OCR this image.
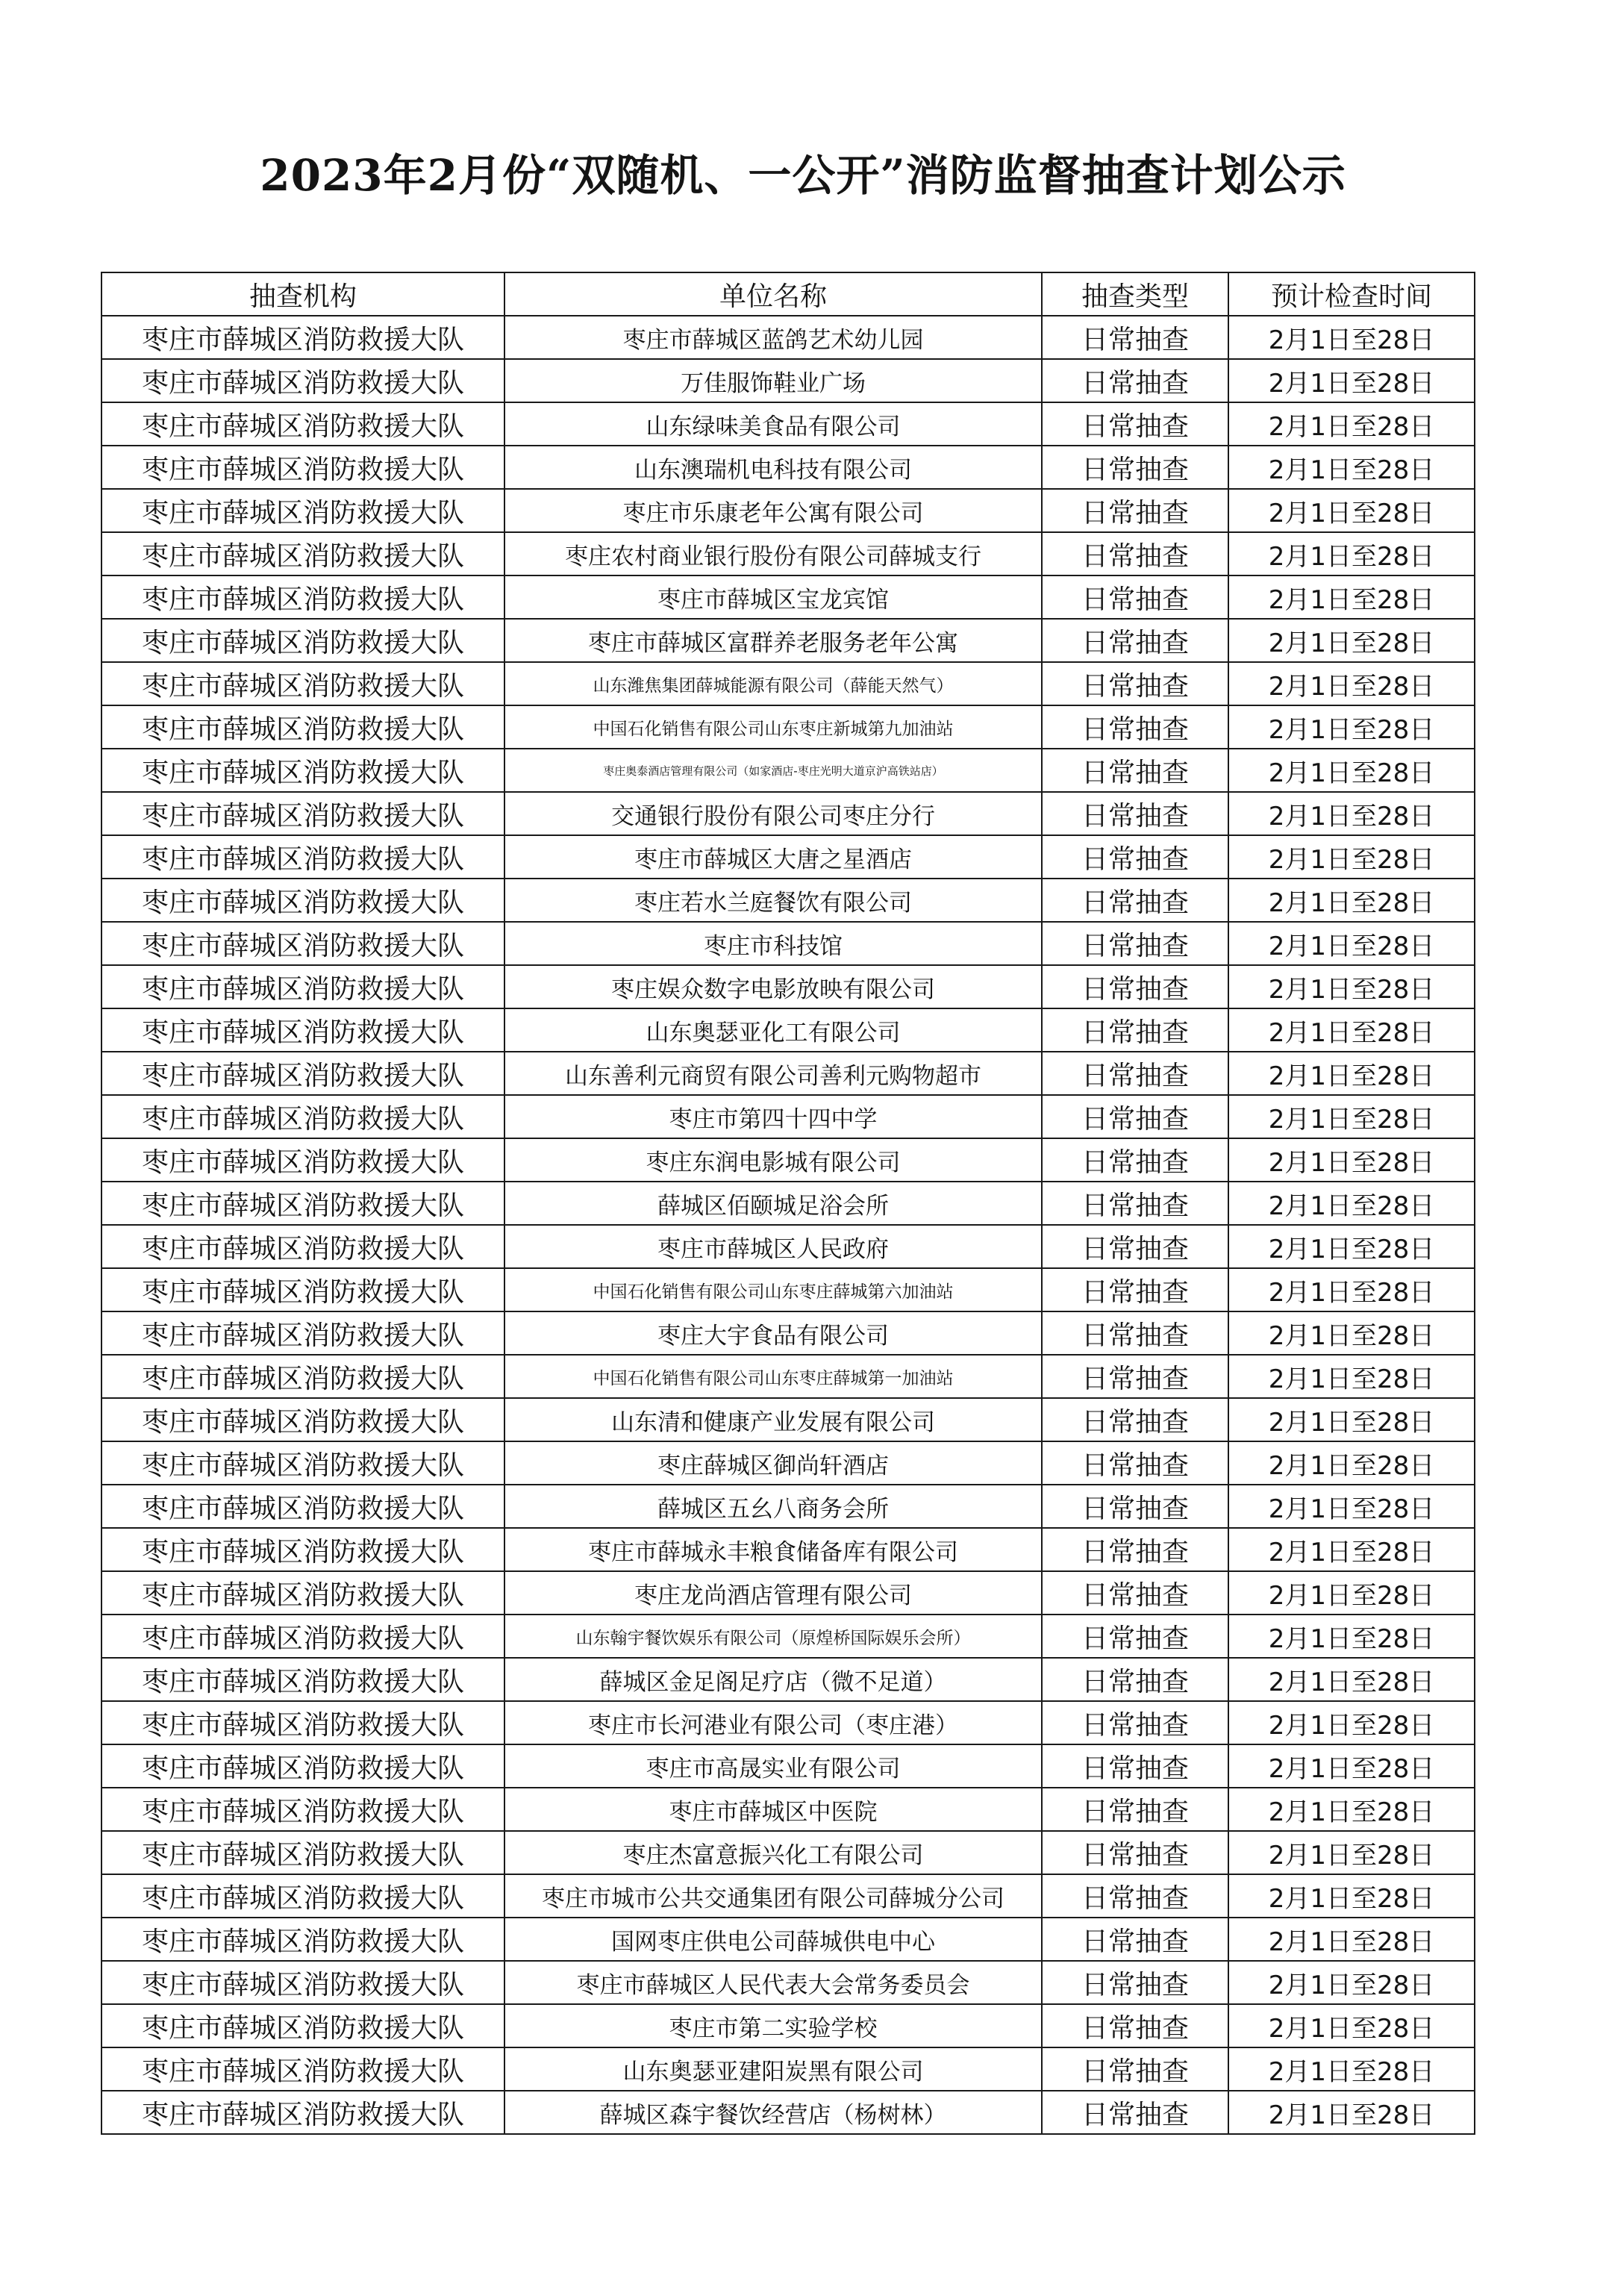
2023年2月份“双随机、一公开”消防监督抽查计划公示
抽查机构	单位名称	抽查类型	预计检查时间
枣庄市薛城区消防救援大队	枣庄市薛城区蓝鸽艺术幼儿园	日常抽查	2月1日至28日
枣庄市薛城区消防救援大队	万佳服饰鞋业广场	日常抽查	2月1日至28日
枣庄市薛城区消防救援大队	山东绿味美食品有限公司	日常抽查	2月1日至28日
枣庄市薛城区消防救援大队	山东澳瑞机电科技有限公司	日常抽查	2月1日至28日
枣庄市薛城区消防救援大队	枣庄市乐康老年公寓有限公司	日常抽查	2月1日至28日
枣庄市薛城区消防救援大队	枣庄农村商业银行股份有限公司薛城支行	日常抽查	2月1日至28日
枣庄市薛城区消防救援大队	枣庄市薛城区宝龙宾馆	日常抽查	2月1日至28日
枣庄市薛城区消防救援大队	枣庄市薛城区富群养老服务老年公寓	日常抽查	2月1日至28日
枣庄市薛城区消防救援大队	山东潍焦集团薛城能源有限公司（薛能天然气）	日常抽查	2月1日至28日
枣庄市薛城区消防救援大队	中国石化销售有限公司山东枣庄新城第九加油站	日常抽查	2月1日至28日
枣庄市薛城区消防救援大队	枣庄奥泰酒店管理有限公司（如家酒店-枣庄光明大道京沪高铁站店）	日常抽查	2月1日至28日
枣庄市薛城区消防救援大队	交通银行股份有限公司枣庄分行	日常抽查	2月1日至28日
枣庄市薛城区消防救援大队	枣庄市薛城区大唐之星酒店	日常抽查	2月1日至28日
枣庄市薛城区消防救援大队	枣庄若水兰庭餐饮有限公司	日常抽查	2月1日至28日
枣庄市薛城区消防救援大队	枣庄市科技馆	日常抽查	2月1日至28日
枣庄市薛城区消防救援大队	枣庄娱众数字电影放映有限公司	日常抽查	2月1日至28日
枣庄市薛城区消防救援大队	山东奥瑟亚化工有限公司	日常抽查	2月1日至28日
枣庄市薛城区消防救援大队	山东善利元商贸有限公司善利元购物超市	日常抽查	2月1日至28日
枣庄市薛城区消防救援大队	枣庄市第四十四中学	日常抽查	2月1日至28日
枣庄市薛城区消防救援大队	枣庄东润电影城有限公司	日常抽查	2月1日至28日
枣庄市薛城区消防救援大队	薛城区佰颐城足浴会所	日常抽查	2月1日至28日
枣庄市薛城区消防救援大队	枣庄市薛城区人民政府	日常抽查	2月1日至28日
枣庄市薛城区消防救援大队	中国石化销售有限公司山东枣庄薛城第六加油站	日常抽查	2月1日至28日
枣庄市薛城区消防救援大队	枣庄大宇食品有限公司	日常抽查	2月1日至28日
枣庄市薛城区消防救援大队	中国石化销售有限公司山东枣庄薛城第一加油站	日常抽查	2月1日至28日
枣庄市薛城区消防救援大队	山东清和健康产业发展有限公司	日常抽查	2月1日至28日
枣庄市薛城区消防救援大队	枣庄薛城区御尚轩酒店	日常抽查	2月1日至28日
枣庄市薛城区消防救援大队	薛城区五幺八商务会所	日常抽查	2月1日至28日
枣庄市薛城区消防救援大队	枣庄市薛城永丰粮食储备库有限公司	日常抽查	2月1日至28日
枣庄市薛城区消防救援大队	枣庄龙尚酒店管理有限公司	日常抽查	2月1日至28日
枣庄市薛城区消防救援大队	山东翰宇餐饮娱乐有限公司（原煌桥国际娱乐会所）	日常抽查	2月1日至28日
枣庄市薛城区消防救援大队	薛城区金足阁足疗店（微不足道）	日常抽查	2月1日至28日
枣庄市薛城区消防救援大队	枣庄市长河港业有限公司（枣庄港）	日常抽查	2月1日至28日
枣庄市薛城区消防救援大队	枣庄市高晟实业有限公司	日常抽查	2月1日至28日
枣庄市薛城区消防救援大队	枣庄市薛城区中医院	日常抽查	2月1日至28日
枣庄市薛城区消防救援大队	枣庄杰富意振兴化工有限公司	日常抽查	2月1日至28日
枣庄市薛城区消防救援大队	枣庄市城市公共交通集团有限公司薛城分公司	日常抽查	2月1日至28日
枣庄市薛城区消防救援大队	国网枣庄供电公司薛城供电中心	日常抽查	2月1日至28日
枣庄市薛城区消防救援大队	枣庄市薛城区人民代表大会常务委员会	日常抽查	2月1日至28日
枣庄市薛城区消防救援大队	枣庄市第二实验学校	日常抽查	2月1日至28日
枣庄市薛城区消防救援大队	山东奥瑟亚建阳炭黑有限公司	日常抽查	2月1日至28日
枣庄市薛城区消防救援大队	薛城区森宇餐饮经营店（杨树林）	日常抽查	2月1日至28日
